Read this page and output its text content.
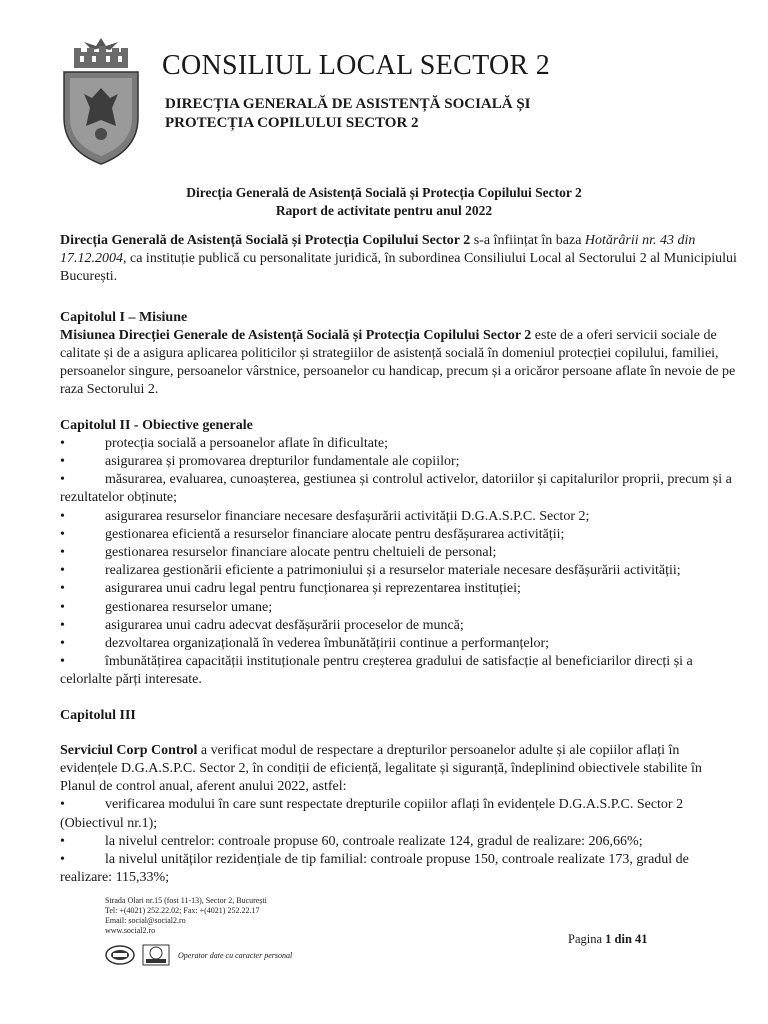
CONSILIUL LOCAL SECTOR 2
DIRECȚIA GENERALĂ DE ASISTENȚĂ SOCIALĂ ȘI
PROTECȚIA COPILULUI SECTOR 2
Direcția Generală de Asistență Socială și Protecția Copilului Sector 2
Raport de activitate pentru anul 2022

Direcția Generală de Asistență Socială și Protecția Copilului Sector 2 s-a înființat în baza Hotărârii nr. 43 din 17.12.2004, ca instituție publică cu personalitate juridică, în subordinea Consiliului Local al Sectorului 2 al Municipiului București.

Capitolul I – Misiune

Misiunea Direcției Generale de Asistență Socială și Protecția Copilului Sector 2 este de a oferi servicii sociale de calitate și de a asigura aplicarea politicilor și strategiilor de asistență socială în domeniul protecției copilului, familiei, persoanelor singure, persoanelor vârstnice, persoanelor cu handicap, precum și a oricăror persoane aflate în nevoie de pe raza Sectorului 2.

Capitolul II - Obiective generale

• protecția socială a persoanelor aflate în dificultate;
• asigurarea și promovarea drepturilor fundamentale ale copiilor;
• măsurarea, evaluarea, cunoașterea, gestiunea și controlul activelor, datoriilor și capitalurilor proprii, precum și a rezultatelor obținute;
• asigurarea resurselor financiare necesare desfașurării activității D.G.A.S.P.C. Sector 2;
• gestionarea eficientă a resurselor financiare alocate pentru desfășurarea activității;
• gestionarea resurselor financiare alocate pentru cheltuieli de personal;
• realizarea gestionării eficiente a patrimoniului și a resurselor materiale necesare desfășurării activității;
• asigurarea unui cadru legal pentru funcționarea și reprezentarea instituției;
• gestionarea resurselor umane;
• asigurarea unui cadru adecvat desfășurării proceselor de muncă;
• dezvoltarea organizațională în vederea îmbunătățirii continue a performanțelor;
• îmbunătățirea capacității instituționale pentru creșterea gradului de satisfacție al beneficiarilor direcți și a celorlalte părți interesate.

Capitolul III

Serviciul Corp Control a verificat modul de respectare a drepturilor persoanelor adulte și ale copiilor aflați în evidențele D.G.A.S.P.C. Sector 2, în condiții de eficiență, legalitate și siguranță, îndeplinind obiectivele stabilite în Planul de control anual, aferent anului 2022, astfel:

• verificarea modului în care sunt respectate drepturile copiilor aflați în evidențele D.G.A.S.P.C. Sector 2 (Obiectivul nr.1);
• la nivelul centrelor: controale propuse 60, controale realizate 124, gradul de realizare: 206,66%;
• la nivelul unităților rezidențiale de tip familial: controale propuse 150, controale realizate 173, gradul de realizare: 115,33%;
Strada Olari nr.15 (fost 11-13), Sector 2, București
Tel: +(4021) 252.22.02; Fax: +(4021) 252.22.17
Email: social@social2.ro
www.social2.ro
Operator date cu caracter personal
Pagina 1 din 41
